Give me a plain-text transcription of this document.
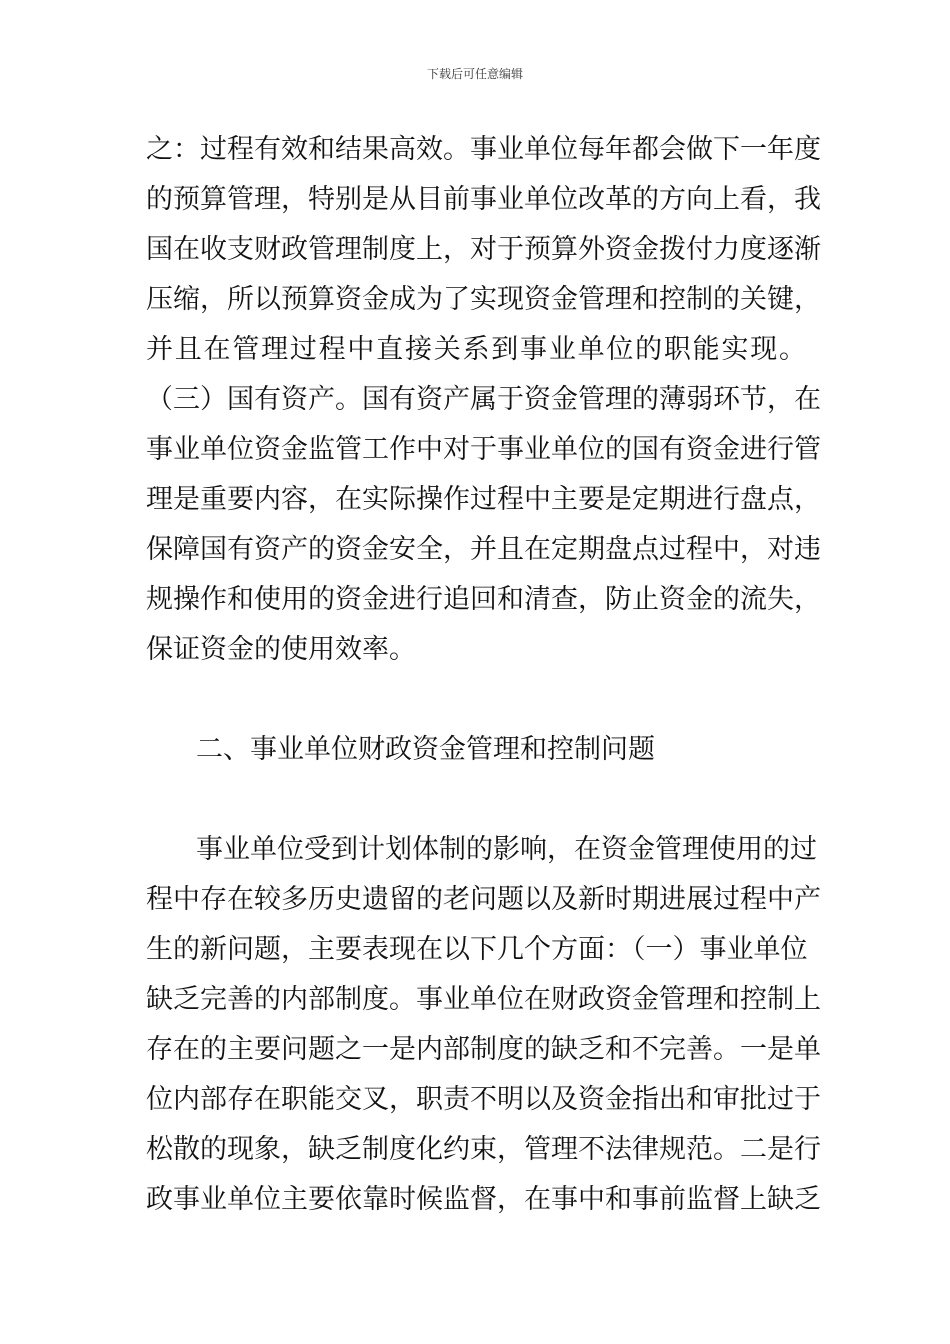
下载后可任意编辑
之：过程有效和结果高效。事业单位每年都会做下一年度
的预算管理，特别是从目前事业单位改革的方向上看，我
国在收支财政管理制度上，对于预算外资金拨付力度逐渐
压缩，所以预算资金成为了实现资金管理和控制的关键，
并且在管理过程中直接关系到事业单位的职能实现。
（三）国有资产。国有资产属于资金管理的薄弱环节，在
事业单位资金监管工作中对于事业单位的国有资金进行管
理是重要内容，在实际操作过程中主要是定期进行盘点，
保障国有资产的资金安全，并且在定期盘点过程中，对违
规操作和使用的资金进行追回和清查，防止资金的流失，
保证资金的使用效率。
二、事业单位财政资金管理和控制问题
事业单位受到计划体制的影响，在资金管理使用的过
程中存在较多历史遗留的老问题以及新时期进展过程中产
生的新问题，主要表现在以下几个方面：（一）事业单位
缺乏完善的内部制度。事业单位在财政资金管理和控制上
存在的主要问题之一是内部制度的缺乏和不完善。一是单
位内部存在职能交叉，职责不明以及资金指出和审批过于
松散的现象，缺乏制度化约束，管理不法律规范。二是行
政事业单位主要依靠时候监督，在事中和事前监督上缺乏
